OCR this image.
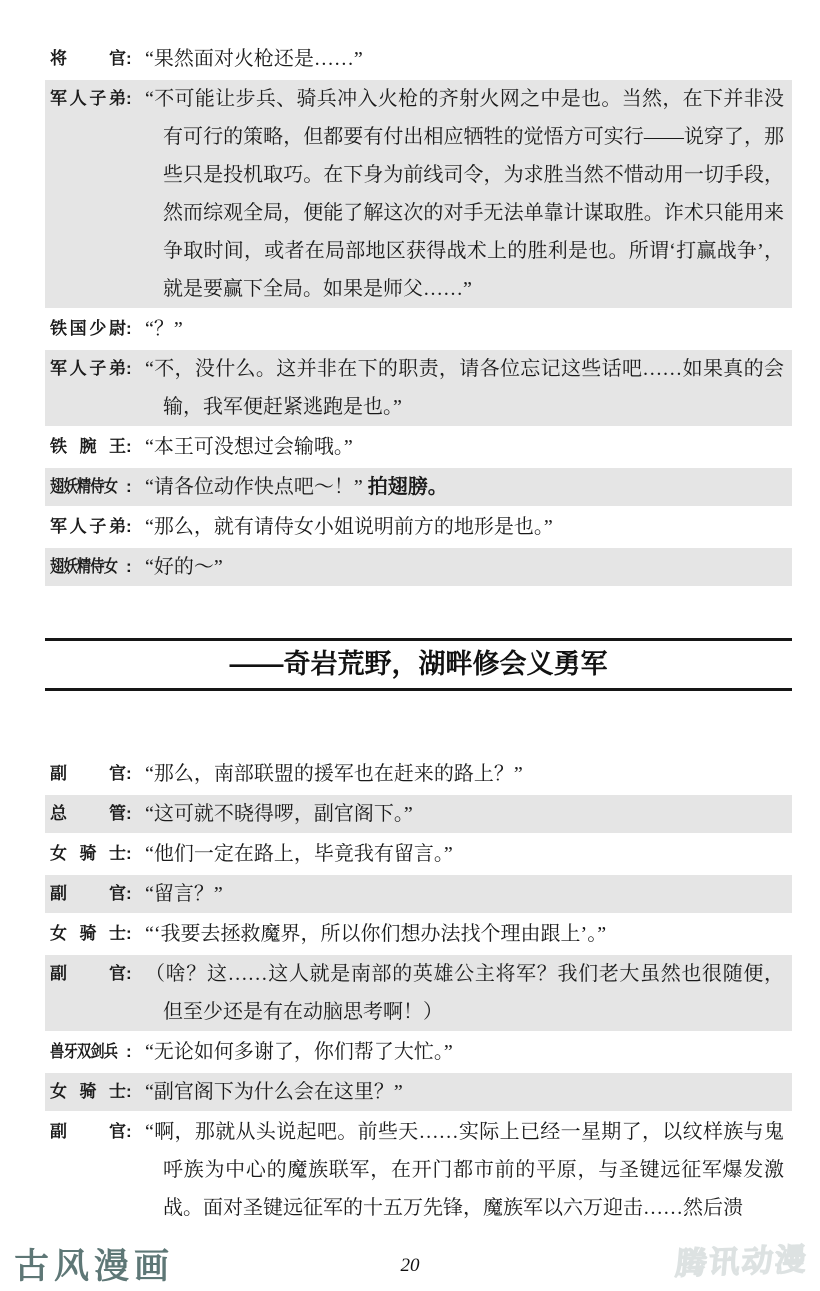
将官: “果然面对火枪还是……”
军人子弟: “不可能让步兵、骑兵冲入火枪的齐射火网之中是也。当然，在下并非没有可行的策略，但都要有付出相应牺牲的觉悟方可实行——说穿了，那些只是投机取巧。在下身为前线司令，为求胜当然不惜动用一切手段，然而综观全局，便能了解这次的对手无法单靠计谋取胜。诈术只能用来争取时间，或者在局部地区获得战术上的胜利是也。所谓‘打赢战争’，就是要赢下全局。如果是师父……”
铁国少尉: “？”
军人子弟: “不，没什么。这并非在下的职责，请各位忘记这些话吧……如果真的会输，我军便赶紧逃跑是也。”
铁腕王: “本王可没想过会输哦。”
翅妖精侍女 : “请各位动作快点吧～！” 拍翅膀。
军人子弟: “那么，就有请侍女小姐说明前方的地形是也。”
翅妖精侍女 : “好的～”
——奇岩荒野，湖畔修会义勇军
副官: “那么，南部联盟的援军也在赶来的路上？”
总管: “这可就不晓得啰，副官阁下。”
女骑士: “他们一定在路上，毕竟我有留言。”
副官: “留言？”
女骑士: “‘我要去拯救魔界，所以你们想办法找个理由跟上’。”
副官: （啥？这……这人就是南部的英雄公主将军？我们老大虽然也很随便，但至少还是有在动脑思考啊！）
兽牙双剑兵 : “无论如何多谢了，你们帮了大忙。”
女骑士: “副官阁下为什么会在这里？”
副官: “啊，那就从头说起吧。前些天……实际上已经一星期了，以纹样族与鬼呼族为中心的魔族联军，在开门都市前的平原，与圣键远征军爆发激战。面对圣键远征军的十五万先锋，魔族军以六万迎击……然后溃
古风漫画	20	腾讯动漫
